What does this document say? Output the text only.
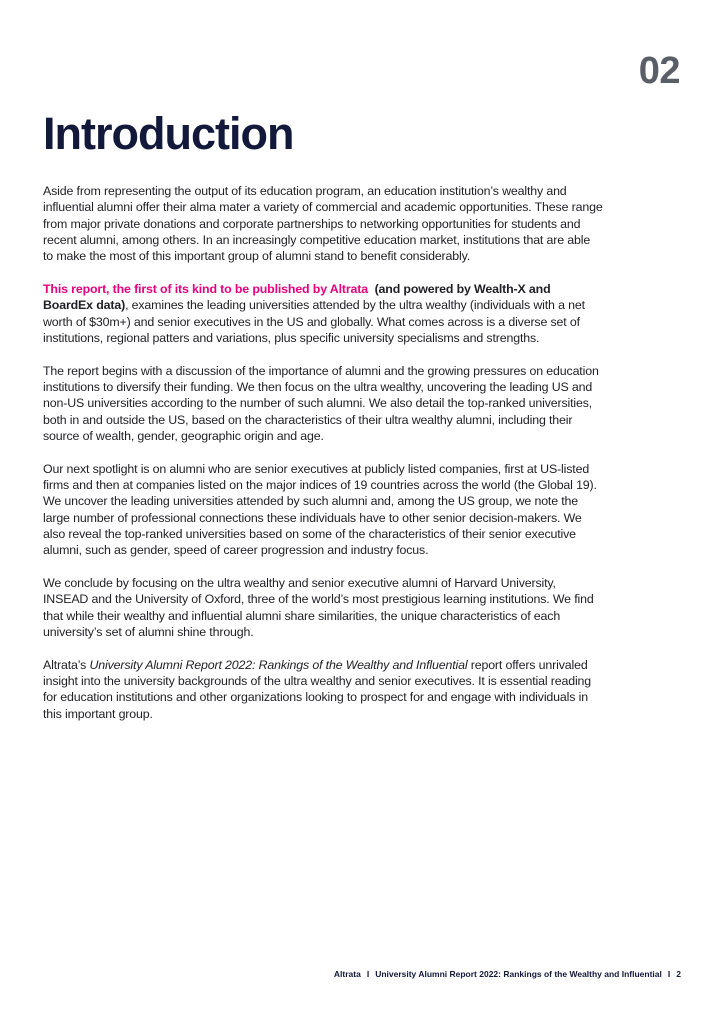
02
Introduction

Aside from representing the output of its education program, an education institution’s wealthy and influential alumni offer their alma mater a variety of commercial and academic opportunities. These range from major private donations and corporate partnerships to networking opportunities for students and recent alumni, among others. In an increasingly competitive education market, institutions that are able to make the most of this important group of alumni stand to benefit considerably.

This report, the first of its kind to be published by Altrata (and powered by Wealth-X and BoardEx data), examines the leading universities attended by the ultra wealthy (individuals with a net worth of $30m+) and senior executives in the US and globally. What comes across is a diverse set of institutions, regional patters and variations, plus specific university specialisms and strengths.

The report begins with a discussion of the importance of alumni and the growing pressures on education institutions to diversify their funding. We then focus on the ultra wealthy, uncovering the leading US and non-US universities according to the number of such alumni. We also detail the top-ranked universities, both in and outside the US, based on the characteristics of their ultra wealthy alumni, including their source of wealth, gender, geographic origin and age.

Our next spotlight is on alumni who are senior executives at publicly listed companies, first at US-listed firms and then at companies listed on the major indices of 19 countries across the world (the Global 19). We uncover the leading universities attended by such alumni and, among the US group, we note the large number of professional connections these individuals have to other senior decision-makers. We also reveal the top-ranked universities based on some of the characteristics of their senior executive alumni, such as gender, speed of career progression and industry focus.

We conclude by focusing on the ultra wealthy and senior executive alumni of Harvard University, INSEAD and the University of Oxford, three of the world’s most prestigious learning institutions. We find that while their wealthy and influential alumni share similarities, the unique characteristics of each university’s set of alumni shine through.

Altrata’s University Alumni Report 2022: Rankings of the Wealthy and Influential report offers unrivaled insight into the university backgrounds of the ultra wealthy and senior executives. It is essential reading for education institutions and other organizations looking to prospect for and engage with individuals in this important group.

Altrata I University Alumni Report 2022: Rankings of the Wealthy and Influential I 2
